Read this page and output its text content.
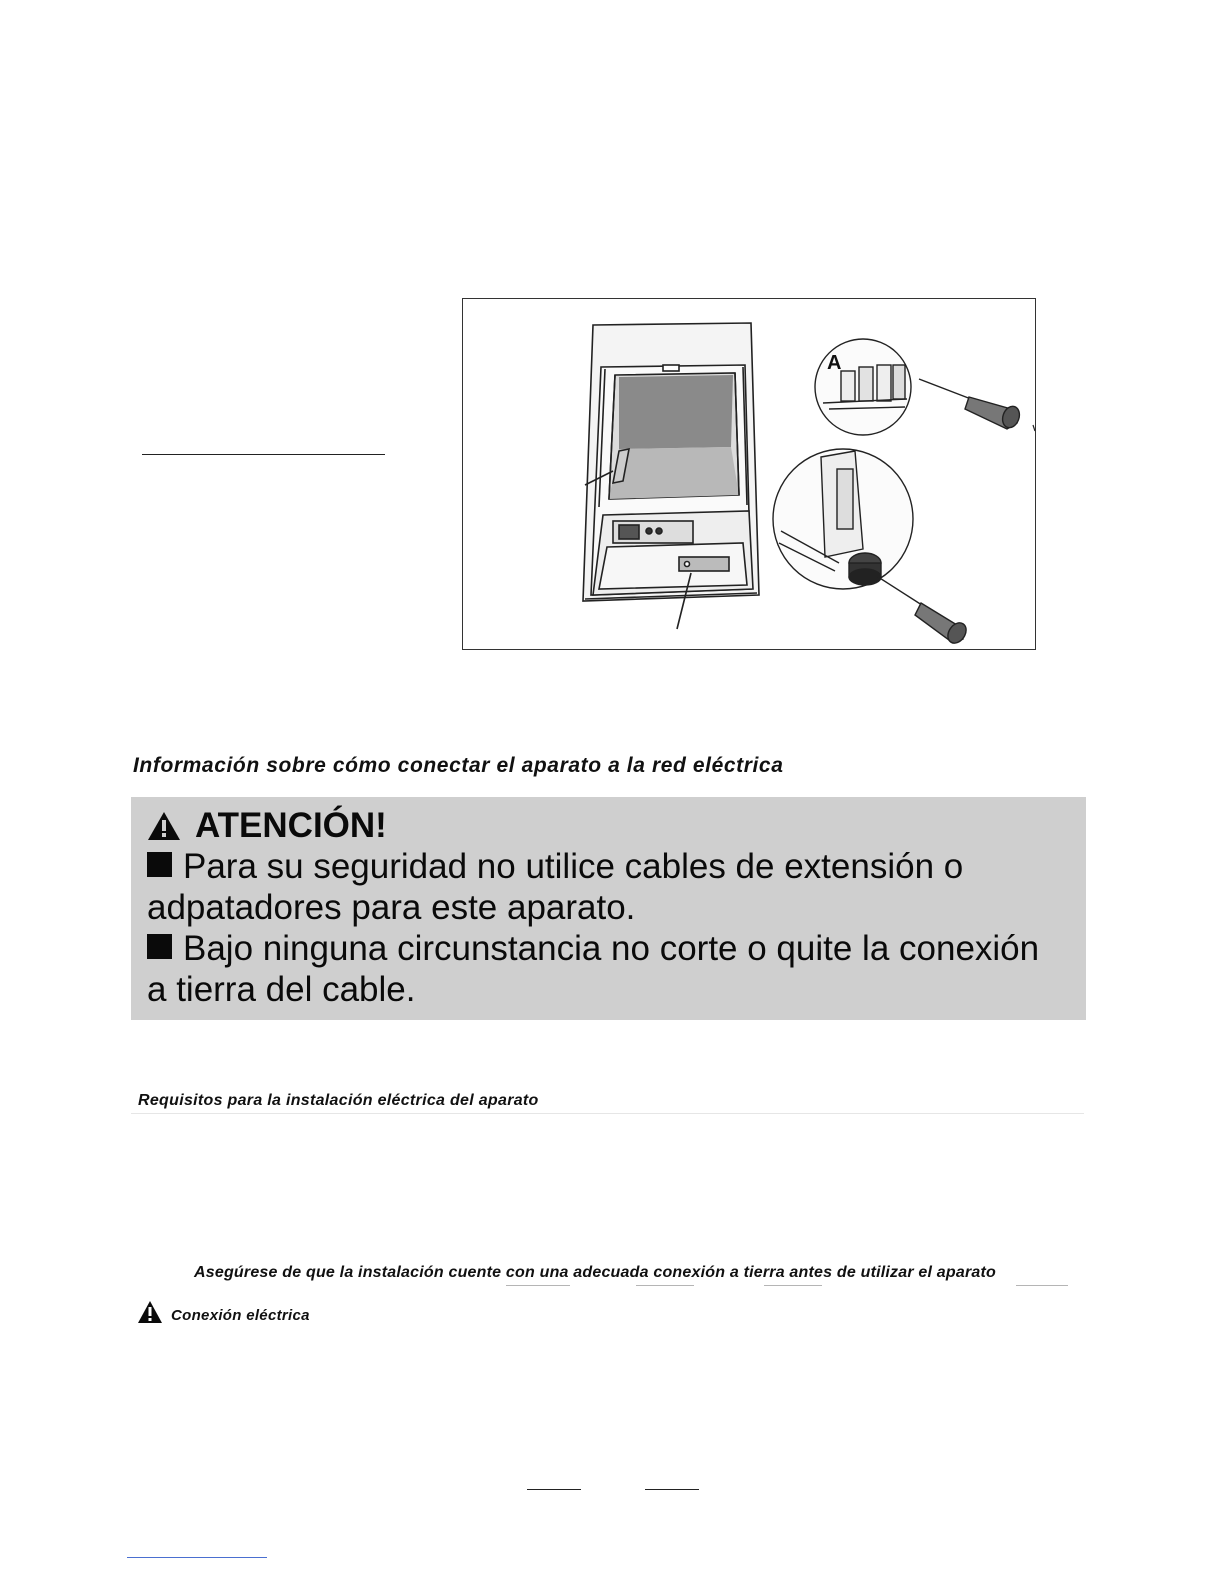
A
Información sobre cómo conectar el aparato a la red eléctrica
ATENCIÓN!
Para su seguridad no utilice cables de extensión o
adpatadores para este aparato.
Bajo ninguna circunstancia no corte o quite la conexión
a tierra del cable.
Requisitos para la instalación eléctrica del aparato
Asegúrese de que la instalación cuente con una adecuada conexión a tierra antes de utilizar el aparato
Conexión eléctrica
